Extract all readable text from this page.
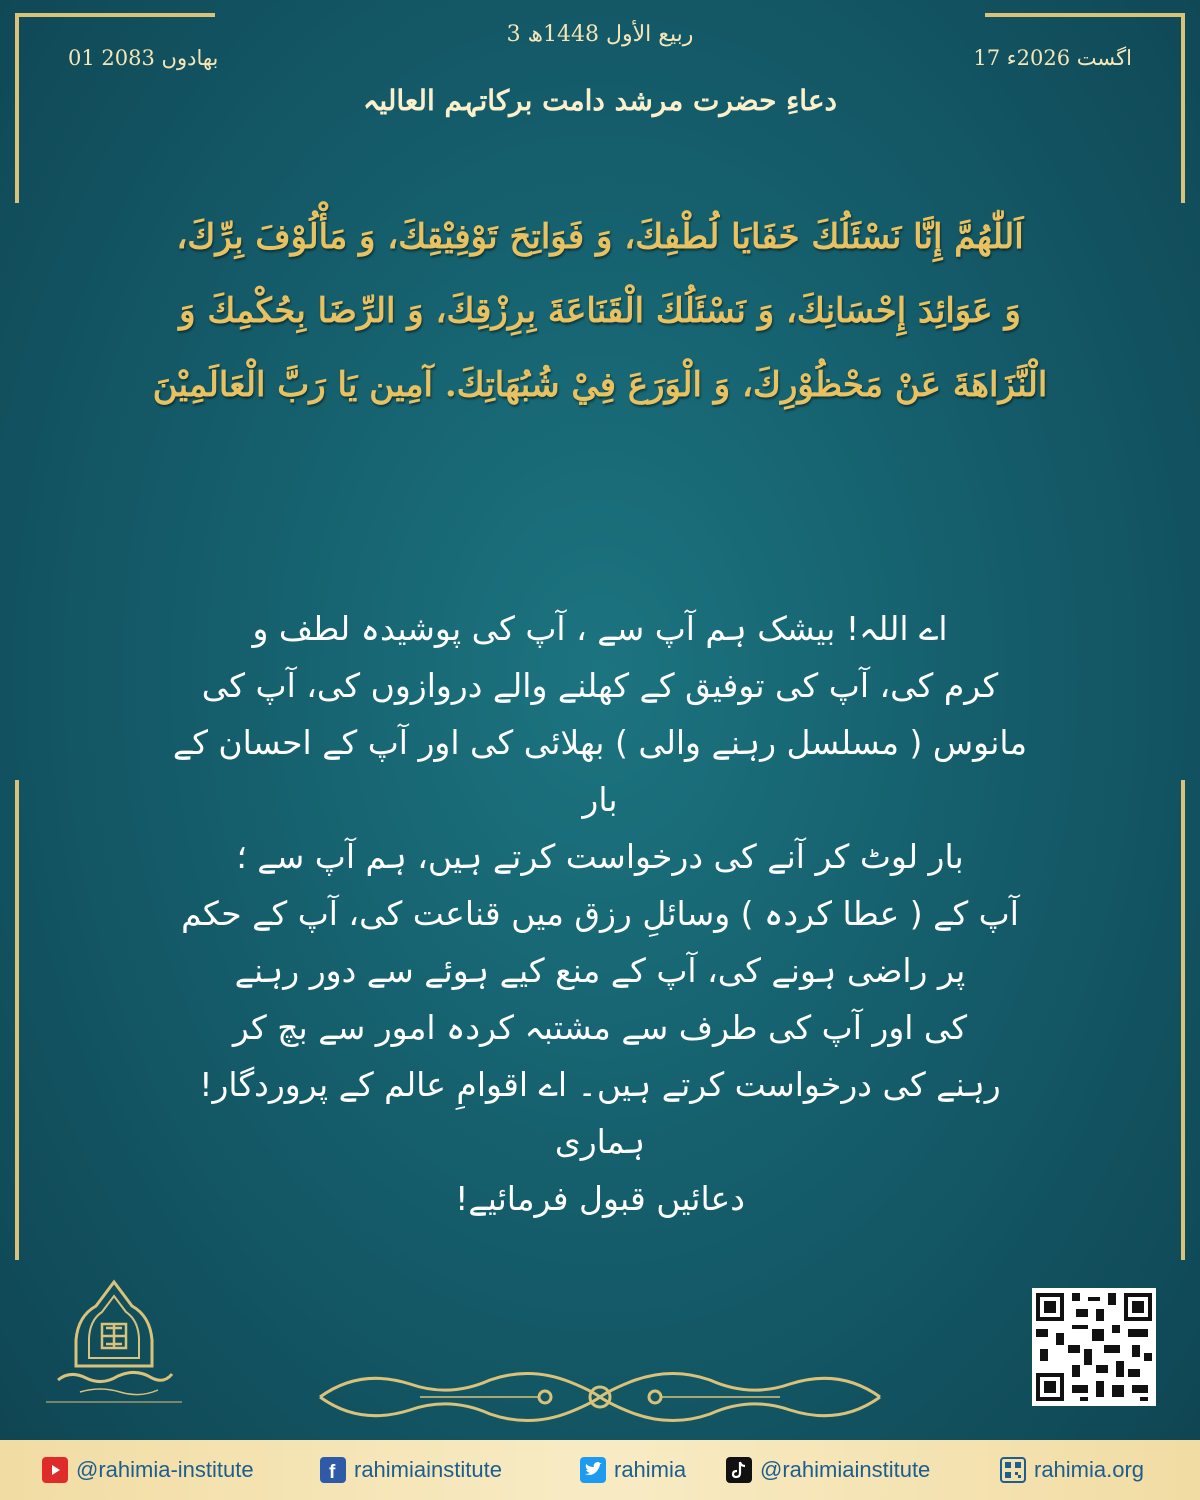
3 ربیع الأول 1448ھ
01 بھادوں 2083	17 اگست 2026ء
دعاءِ حضرت مرشد دامت برکاتہم العالیہ
اَللّٰهُمَّ إِنَّا نَسْئَلُكَ خَفَايَا لُطْفِكَ، وَ فَوَاتِحَ تَوْفِيْقِكَ، وَ مَأْلُوْفَ بِرِّكَ،
وَ عَوَائِدَ إِحْسَانِكَ، وَ نَسْئَلُكَ الْقَنَاعَةَ بِرِزْقِكَ، وَ الرِّضَا بِحُكْمِكَ وَ
الْنَّزَاهَةَ عَنْ مَحْظُوْرِكَ، وَ الْوَرَعَ فِيْ شُبُهَاتِكَ. آمِين يَا رَبَّ الْعَالَمِيْنَ
اے اللہ! بیشک ہم آپ سے ، آپ کی پوشیدہ لطف و
کرم کی، آپ کی توفیق کے کھلنے والے دروازوں کی، آپ کی
مانوس ( مسلسل رہنے والی ) بھلائی کی اور آپ کے احسان کے بار
بار لوٹ کر آنے کی درخواست کرتے ہیں، ہم آپ سے ؛
آپ کے ( عطا کردہ ) وسائلِ رزق میں قناعت کی، آپ کے حکم
پر راضی ہونے کی، آپ کے منع کیے ہوئے سے دور رہنے
کی اور آپ کی طرف سے مشتبہ کردہ امور سے بچ کر
رہنے کی درخواست کرتے ہیں۔ اے اقوامِ عالم کے پروردگار! ہماری
دعائیں قبول فرمائیے!
@rahimia-institute	f rahimiainstitute	rahimia	@rahimiainstitute	rahimia.org
